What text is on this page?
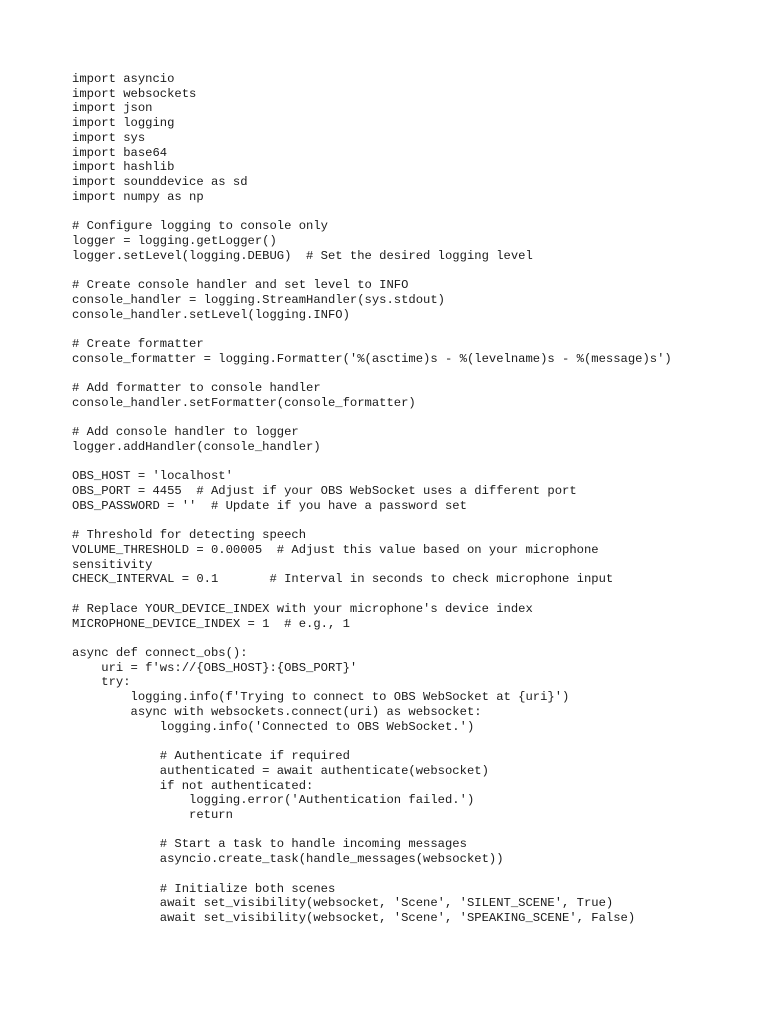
import asyncio
import websockets
import json
import logging
import sys
import base64
import hashlib
import sounddevice as sd
import numpy as np
# Configure logging to console only
logger = logging.getLogger()
logger.setLevel(logging.DEBUG)  # Set the desired logging level
# Create console handler and set level to INFO
console_handler = logging.StreamHandler(sys.stdout)
console_handler.setLevel(logging.INFO)
# Create formatter
console_formatter = logging.Formatter('%(asctime)s - %(levelname)s - %(message)s')
# Add formatter to console handler
console_handler.setFormatter(console_formatter)
# Add console handler to logger
logger.addHandler(console_handler)
OBS_HOST = 'localhost'
OBS_PORT = 4455  # Adjust if your OBS WebSocket uses a different port
OBS_PASSWORD = ''  # Update if you have a password set
# Threshold for detecting speech
VOLUME_THRESHOLD = 0.00005  # Adjust this value based on your microphone
sensitivity
CHECK_INTERVAL = 0.1       # Interval in seconds to check microphone input
# Replace YOUR_DEVICE_INDEX with your microphone's device index
MICROPHONE_DEVICE_INDEX = 1  # e.g., 1
async def connect_obs():
uri = f'ws://{OBS_HOST}:{OBS_PORT}'
try:
logging.info(f'Trying to connect to OBS WebSocket at {uri}')
async with websockets.connect(uri) as websocket:
logging.info('Connected to OBS WebSocket.')
# Authenticate if required
authenticated = await authenticate(websocket)
if not authenticated:
logging.error('Authentication failed.')
return
# Start a task to handle incoming messages
asyncio.create_task(handle_messages(websocket))
# Initialize both scenes
await set_visibility(websocket, 'Scene', 'SILENT_SCENE', True)
await set_visibility(websocket, 'Scene', 'SPEAKING_SCENE', False)
